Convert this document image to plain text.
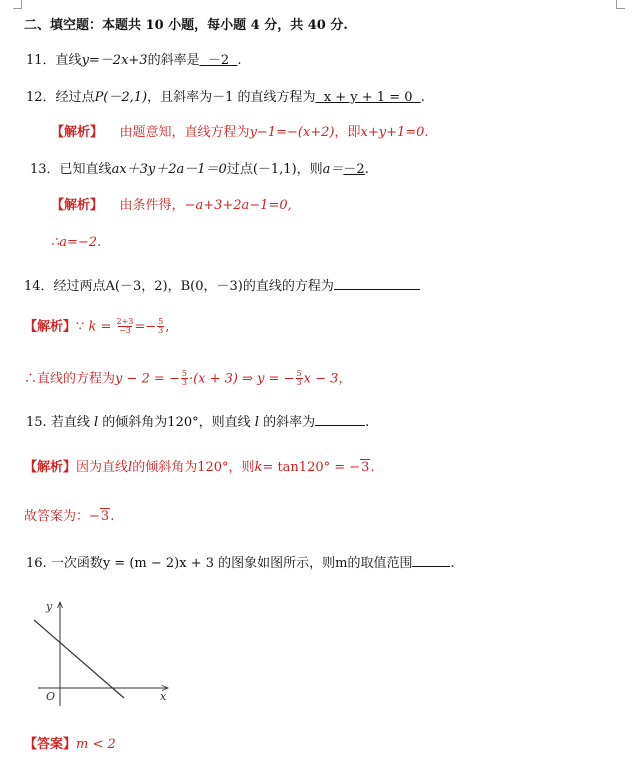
二、填空题：本题共 10 小题，每小题 4 分，共 40 分.
11．直线y=－2x+3的斜率是 －2 .
12．经过点P(－2,1)，且斜率为－1 的直线方程为 x + y + 1 = 0 .
【解析】 由题意知，直线方程为y−1=−(x+2)，即x+y+1=0.
13．已知直线ax＋3y＋2a－1＝0过点(－1,1)，则a＝－2.
【解析】 由条件得，−a+3+2a−1=0,
∴a=−2.
14．经过两点A(－3，2)，B(0，－3)的直线的方程为
【解析】∵ $k = \frac{2+3}{-3} =- \frac{5}{3}$ ,
∴直线的方程为y − 2 = − $\frac{5}{3} \cdot(x + 3)$ ⇒ y = − $\frac{5}{3}$ x − 3，
15. 若直线 l 的倾斜角为120°，则直线 l 的斜率为	.
【解析】因为直线l的倾斜角为120°，则k= tan120° = −3.
故答案为：−3.
16. 一次函数y = (m − 2)x + 3 的图象如图所示，则m的取值范围	.
y
x
O
【答案】m < 2
